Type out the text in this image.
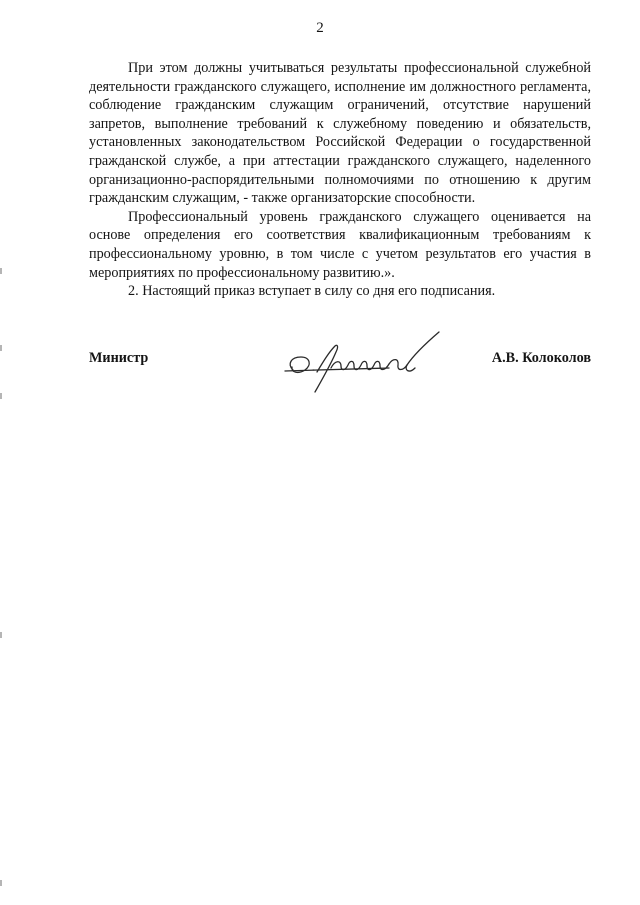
2

При этом должны учитываться результаты профессиональной служебной деятельности гражданского служащего, исполнение им должностного регламента, соблюдение гражданским служащим ограничений, отсутствие нарушений запретов, выполнение требований к служебному поведению и обязательств, установленных законодательством Российской Федерации о государственной гражданской службе, а при аттестации гражданского служащего, наделенного организационно-распорядительными полномочиями по отношению к другим гражданским служащим, - также организаторские способности.

Профессиональный уровень гражданского служащего оценивается на основе определения его соответствия квалификационным требованиям к профессиональному уровню, в том числе с учетом результатов его участия в мероприятиях по профессиональному развитию.».

2. Настоящий приказ вступает в силу со дня его подписания.

Министр	А.В. Колоколов
